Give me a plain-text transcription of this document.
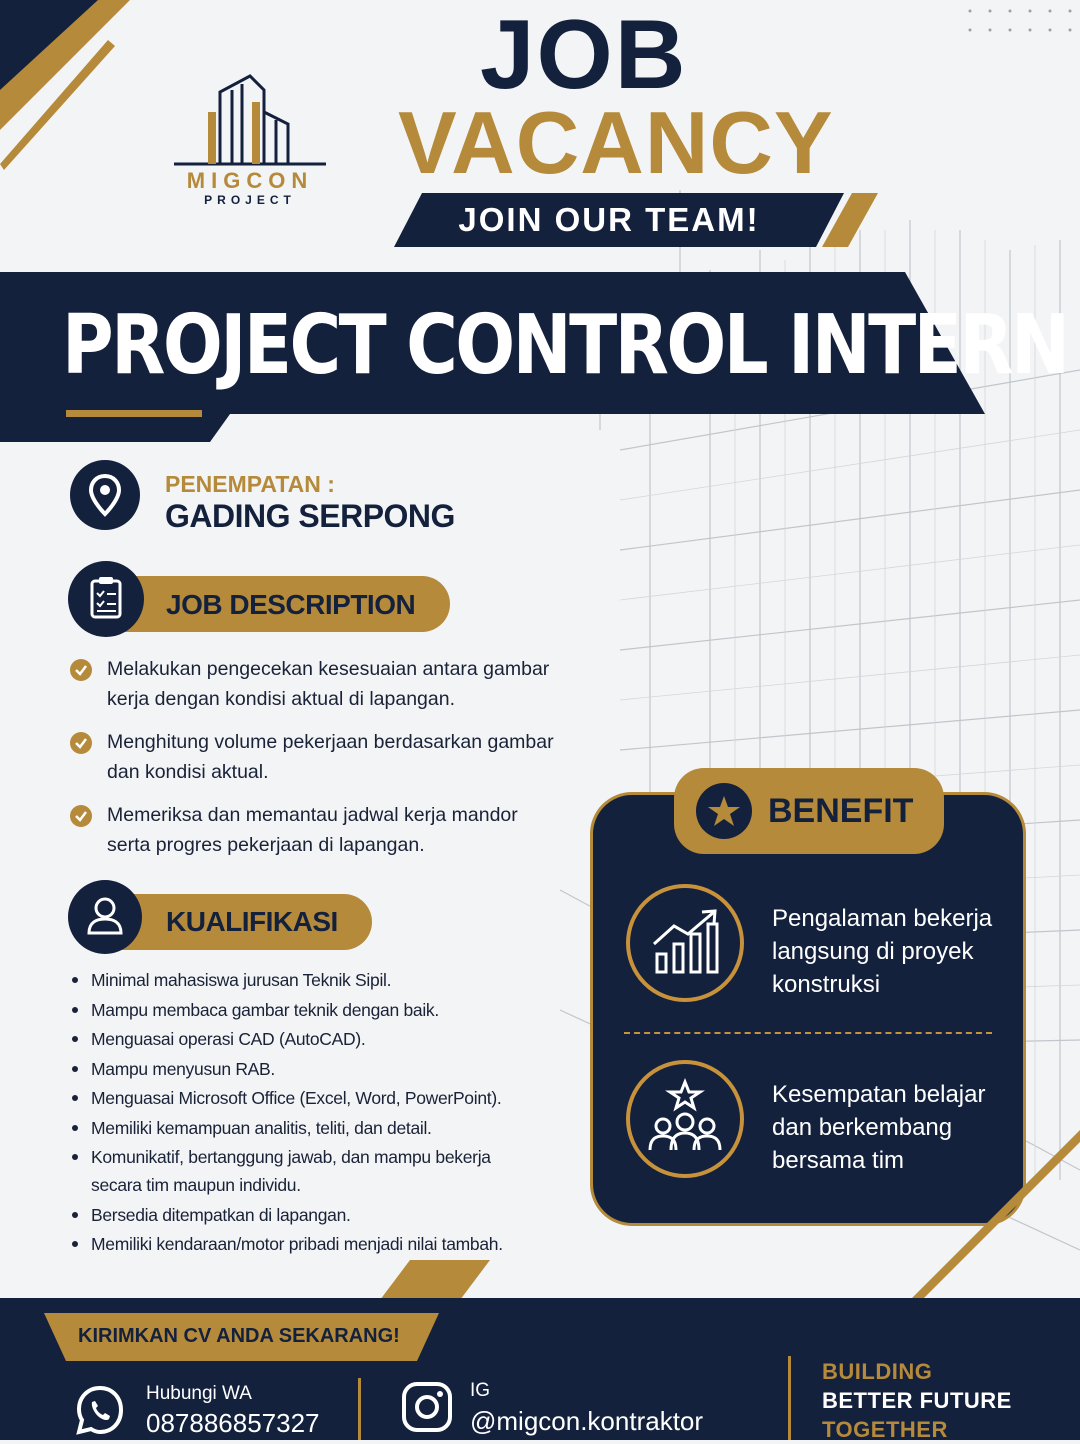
MIGCON
PROJECT
JOB
VACANCY
JOIN OUR TEAM!
PROJECT CONTROL INTERN
PENEMPATAN :
GADING SERPONG
JOB DESCRIPTION
Melakukan pengecekan kesesuaian antara gambar kerja dengan kondisi aktual di lapangan.
Menghitung volume pekerjaan berdasarkan gambar dan kondisi aktual.
Memeriksa dan memantau jadwal kerja mandor serta progres pekerjaan di lapangan.
KUALIFIKASI
Minimal mahasiswa jurusan Teknik Sipil.
Mampu membaca gambar teknik dengan baik.
Menguasai operasi CAD (AutoCAD).
Mampu menyusun RAB.
Menguasai Microsoft Office (Excel, Word, PowerPoint).
Memiliki kemampuan analitis, teliti, dan detail.
Komunikatif, bertanggung jawab, dan mampu bekerja secara tim maupun individu.
Bersedia ditempatkan di lapangan.
Memiliki kendaraan/motor pribadi menjadi nilai tambah.
BENEFIT
Pengalaman bekerja langsung di proyek konstruksi
Kesempatan belajar dan berkembang bersama tim
KIRIMKAN CV ANDA SEKARANG!
Hubungi WA
087886857327
IG
@migcon.kontraktor
BUILDING
BETTER FUTURE
TOGETHER
